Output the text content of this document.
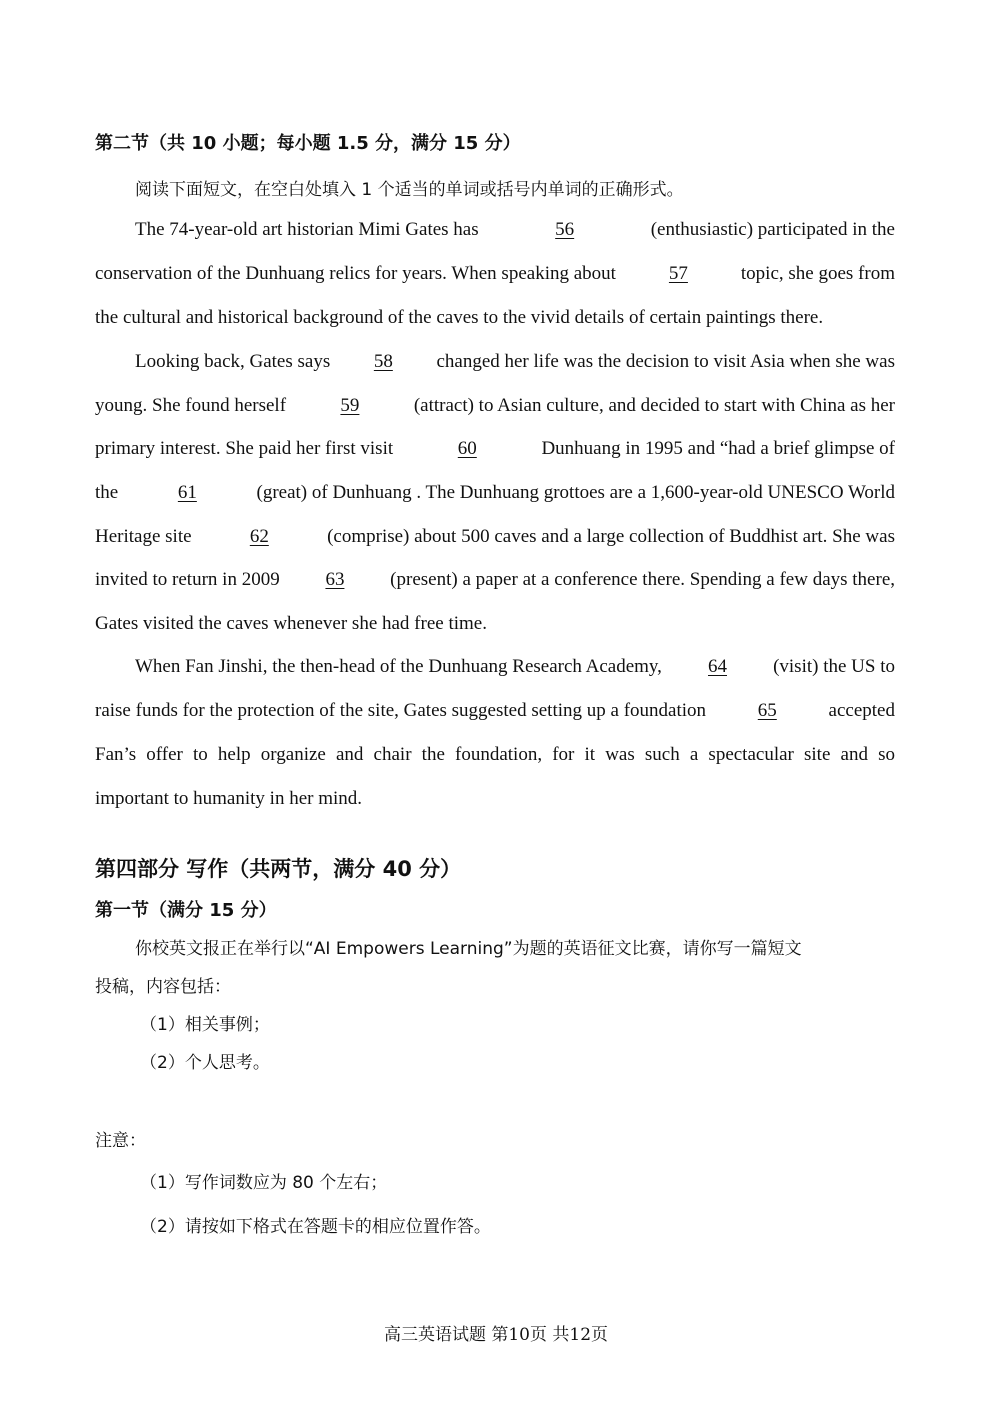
第二节（共 10 小题；每小题 1.5 分，满分 15 分）
阅读下面短文，在空白处填入 1 个适当的单词或括号内单词的正确形式。
The 74-year-old art historian Mimi Gates has	56	(enthusiastic) participated in the
conservation of the Dunhuang relics for years. When speaking about	57	topic, she goes from
the cultural and historical background of the caves to the vivid details of certain paintings there.
Looking back, Gates says	58	changed her life was the decision to visit Asia when she was
young. She found herself	59	(attract) to Asian culture, and decided to start with China as her
primary interest. She paid her first visit	60	Dunhuang in 1995 and “had a brief glimpse of
the	61	(great) of Dunhuang . The Dunhuang grottoes are a 1,600-year-old UNESCO World
Heritage site	62	(comprise) about 500 caves and a large collection of Buddhist art. She was
invited to return in 2009	63	(present) a paper at a conference there. Spending a few days there,
Gates visited the caves whenever she had free time.
When Fan Jinshi, the then-head of the Dunhuang Research Academy,	64	(visit) the US to
raise funds for the protection of the site, Gates suggested setting up a foundation	65	accepted
Fan’s offer to help organize and chair the foundation, for it was such a spectacular site and so
important to humanity in her mind.
第四部分 写作（共两节，满分 40 分）
第一节（满分 15 分）
你校英文报正在举行以“AI Empowers Learning”为题的英语征文比赛，请你写一篇短文
投稿，内容包括：
（1）相关事例；
（2）个人思考。
注意：
（1）写作词数应为 80 个左右；
（2）请按如下格式在答题卡的相应位置作答。
高三英语试题 第10页 共12页
